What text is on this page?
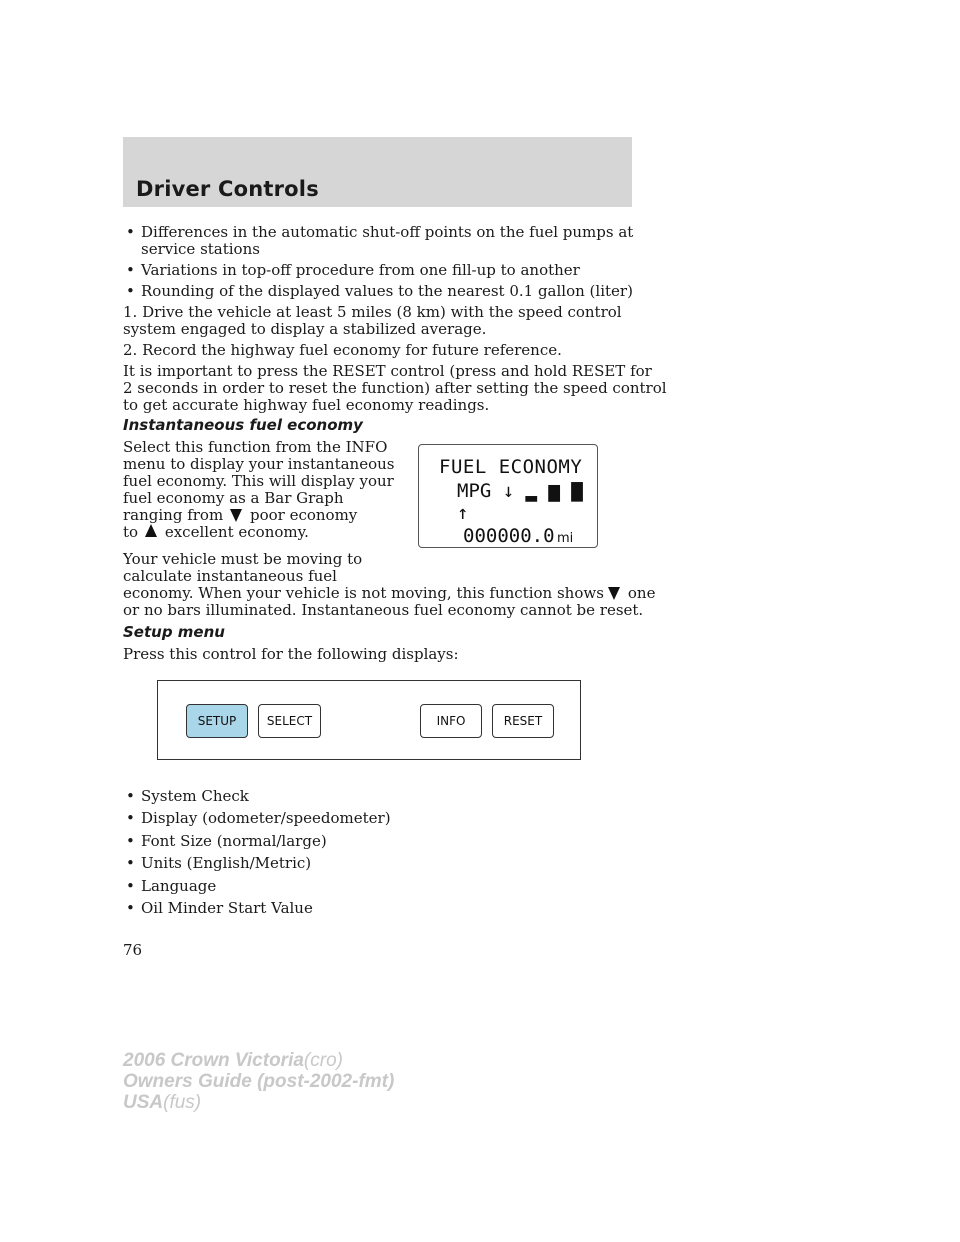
Driver Controls
• Differences in the automatic shut-off points on the fuel pumps at
service stations
• Variations in top-off procedure from one fill-up to another
• Rounding of the displayed values to the nearest 0.1 gallon (liter)
1. Drive the vehicle at least 5 miles (8 km) with the speed control
system engaged to display a stabilized average.
2. Record the highway fuel economy for future reference.
It is important to press the RESET control (press and hold RESET for
2 seconds in order to reset the function) after setting the speed control
to get accurate highway fuel economy readings.
Instantaneous fuel economy
Select this function from the INFO
menu to display your instantaneous
fuel economy. This will display your
fuel economy as a Bar Graph
ranging from poor economy
to excellent economy.
Your vehicle must be moving to
calculate instantaneous fuel
economy. When your vehicle is not moving, this function shows one
or no bars illuminated. Instantaneous fuel economy cannot be reset.
FUEL ECONOMY
MPG ↓ ▂ ▆ ▇ ↑
000000.0 mi
Setup menu
Press this control for the following displays:
SETUP	SELECT	INFO	RESET
• System Check
• Display (odometer/speedometer)
• Font Size (normal/large)
• Units (English/Metric)
• Language
• Oil Minder Start Value
76
2006 Crown Victoria(cro)
Owners Guide (post-2002-fmt)
USA(fus)
